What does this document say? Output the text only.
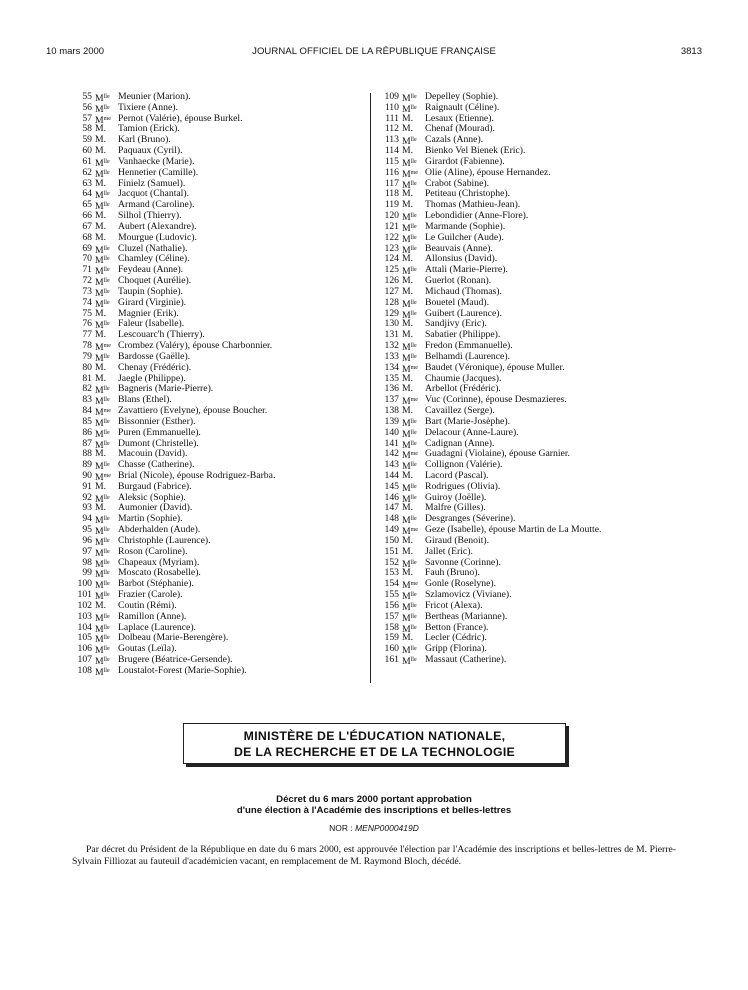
10 mars 2000	JOURNAL OFFICIEL DE LA RÉPUBLIQUE FRANÇAISE	3813
55 $M^{lle}$ Meunier (Marion).
56 $M^{lle}$ Tixiere (Anne).
57 $M^{me}$ Pernot (Valérie), épouse Burkel.
58 M.	Tamion (Erick).
59 M.	Karl (Bruno).
60 M.	Paquaux (Cyril).
61 $M^{lle}$ Vanhaecke (Marie).
62 $M^{lle}$ Hennetier (Camille).
63 M.	Finielz (Samuel).
64 $M^{lle}$ Jacquot (Chantal).
65 $M^{lle}$ Armand (Caroline).
66 M.	Silhol (Thierry).
67 M.	Aubert (Alexandre).
68 M.	Mourgue (Ludovic).
69 $M^{lle}$ Cluzel (Nathalie).
70 $M^{lle}$ Chamley (Céline).
71 $M^{lle}$ Feydeau (Anne).
72 $M^{lle}$ Choquet (Aurélie).
73 $M^{lle}$ Taupin (Sophie).
74 $M^{lle}$ Girard (Virginie).
75 M.	Magnier (Erik).
76 $M^{lle}$ Faleur (Isabelle).
77 M.	Lescouarc'h (Thierry).
78 $M^{me}$ Crombez (Valéry), épouse Charbonnier.
79 $M^{lle}$ Bardosse (Gaëlle).
80 M.	Chenay (Frédéric).
81 M.	Jaegle (Philippe).
82 $M^{lle}$ Bagneris (Marie-Pierre).
83 $M^{lle}$ Blans (Ethel).
84 $M^{me}$ Zavattiero (Evelyne), épouse Boucher.
85 $M^{lle}$ Bissonnier (Esther).
86 $M^{lle}$ Puren (Emmanuelle).
87 $M^{lle}$ Dumont (Christelle).
88 M.	Macouin (David).
89 $M^{lle}$ Chasse (Catherine).
90 $M^{me}$ Brial (Nicole), épouse Rodriguez-Barba.
91 M.	Burgaud (Fabrice).
92 $M^{lle}$ Aleksic (Sophie).
93 M.	Aumonier (David).
94 $M^{lle}$ Martin (Sophie).
95 $M^{lle}$ Abderhalden (Aude).
96 $M^{lle}$ Christophle (Laurence).
97 $M^{lle}$ Roson (Caroline).
98 $M^{lle}$ Chapeaux (Myriam).
99 $M^{lle}$ Moscato (Rosabelle).
100 $M^{lle}$ Barbot (Stéphanie).
101 $M^{lle}$ Frazier (Carole).
102 M.	Coutin (Rémi).
103 $M^{lle}$ Ramillon (Anne).
104 $M^{lle}$ Laplace (Laurence).
105 $M^{lle}$ Dolbeau (Marie-Berengère).
106 $M^{lle}$ Goutas (Leïla).
107 $M^{lle}$ Brugere (Béatrice-Gersende).
108 $M^{lle}$ Loustalot-Forest (Marie-Sophie).
109 $M^{lle}$ Depelley (Sophie).
110 $M^{lle}$ Raignault (Céline).
111 M.	Lesaux (Etienne).
112 M.	Chenaf (Mourad).
113 $M^{lle}$ Cazals (Anne).
114 M.	Bienko Vel Bienek (Eric).
115 $M^{lle}$ Girardot (Fabienne).
116 $M^{me}$ Olie (Aline), épouse Hernandez.
117 $M^{lle}$ Crabot (Sabine).
118 M.	Petiteau (Christophe).
119 M.	Thomas (Mathieu-Jean).
120 $M^{lle}$ Lebondidier (Anne-Flore).
121 $M^{lle}$ Marmande (Sophie).
122 $M^{lle}$ Le Guilcher (Aude).
123 $M^{lle}$ Beauvais (Anne).
124 M.	Allonsius (David).
125 $M^{lle}$ Attali (Marie-Pierre).
126 M.	Guerlot (Ronan).
127 M.	Michaud (Thomas).
128 $M^{lle}$ Bouetel (Maud).
129 $M^{lle}$ Guibert (Laurence).
130 M.	Sandjivy (Eric).
131 M.	Sabatier (Philippe).
132 $M^{lle}$ Fredon (Emmanuelle).
133 $M^{lle}$ Belhamdi (Laurence).
134 $M^{me}$ Baudet (Véronique), épouse Muller.
135 M.	Chaumie (Jacques).
136 M.	Arbellot (Frédéric).
137 $M^{me}$ Vuc (Corinne), épouse Desmazieres.
138 M.	Cavaillez (Serge).
139 $M^{lle}$ Bart (Marie-Josèphe).
140 $M^{lle}$ Delacour (Anne-Laure).
141 $M^{lle}$ Cadignan (Anne).
142 $M^{me}$ Guadagni (Violaine), épouse Garnier.
143 $M^{lle}$ Collignon (Valérie).
144 M.	Lacord (Pascal).
145 $M^{lle}$ Rodrigues (Olivia).
146 $M^{lle}$ Guiroy (Joëlle).
147 M.	Malfre (Gilles).
148 $M^{lle}$ Desgranges (Séverine).
149 $M^{me}$ Geze (Isabelle), épouse Martin de La Moutte.
150 M.	Giraud (Benoit).
151 M.	Jallet (Eric).
152 $M^{lle}$ Savonne (Corinne).
153 M.	Fauh (Bruno).
154 $M^{me}$ Gonle (Roselyne).
155 $M^{lle}$ Szlamovicz (Viviane).
156 $M^{lle}$ Fricot (Alexa).
157 $M^{lle}$ Bertheas (Marianne).
158 $M^{lle}$ Betton (France).
159 M.	Lecler (Cédric).
160 $M^{lle}$ Gripp (Florina).
161 $M^{lle}$ Massaut (Catherine).
MINISTÈRE DE L'ÉDUCATION NATIONALE,
DE LA RECHERCHE ET DE LA TECHNOLOGIE
Décret du 6 mars 2000 portant approbation
d'une élection à l'Académie des inscriptions et belles-lettres
NOR : MENP0000419D
Par décret du Président de la République en date du 6 mars 2000, est approuvée l'élection par l'Académie des inscriptions et belles-lettres de M. Pierre-Sylvain Filliozat au fauteuil d'académicien vacant, en remplacement de M. Raymond Bloch, décédé.
